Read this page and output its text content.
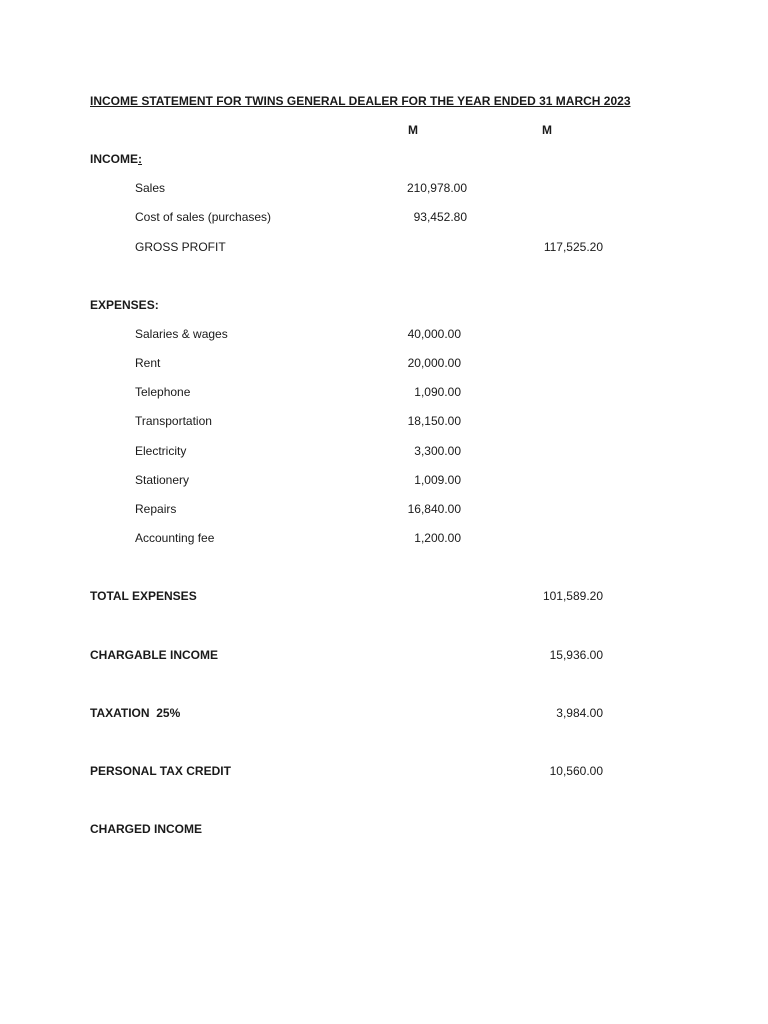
INCOME STATEMENT FOR TWINS GENERAL DEALER FOR THE YEAR ENDED 31 MARCH 2023
M	M
INCOME:
Sales	210,978.00
Cost of sales (purchases)	93,452.80
GROSS PROFIT	117,525.20
EXPENSES:
Salaries & wages	40,000.00
Rent	20,000.00
Telephone	1,090.00
Transportation	18,150.00
Electricity	3,300.00
Stationery	1,009.00
Repairs	16,840.00
Accounting fee	1,200.00
TOTAL EXPENSES	101,589.20
CHARGABLE INCOME	15,936.00
TAXATION  25%	3,984.00
PERSONAL TAX CREDIT	10,560.00
CHARGED INCOME
